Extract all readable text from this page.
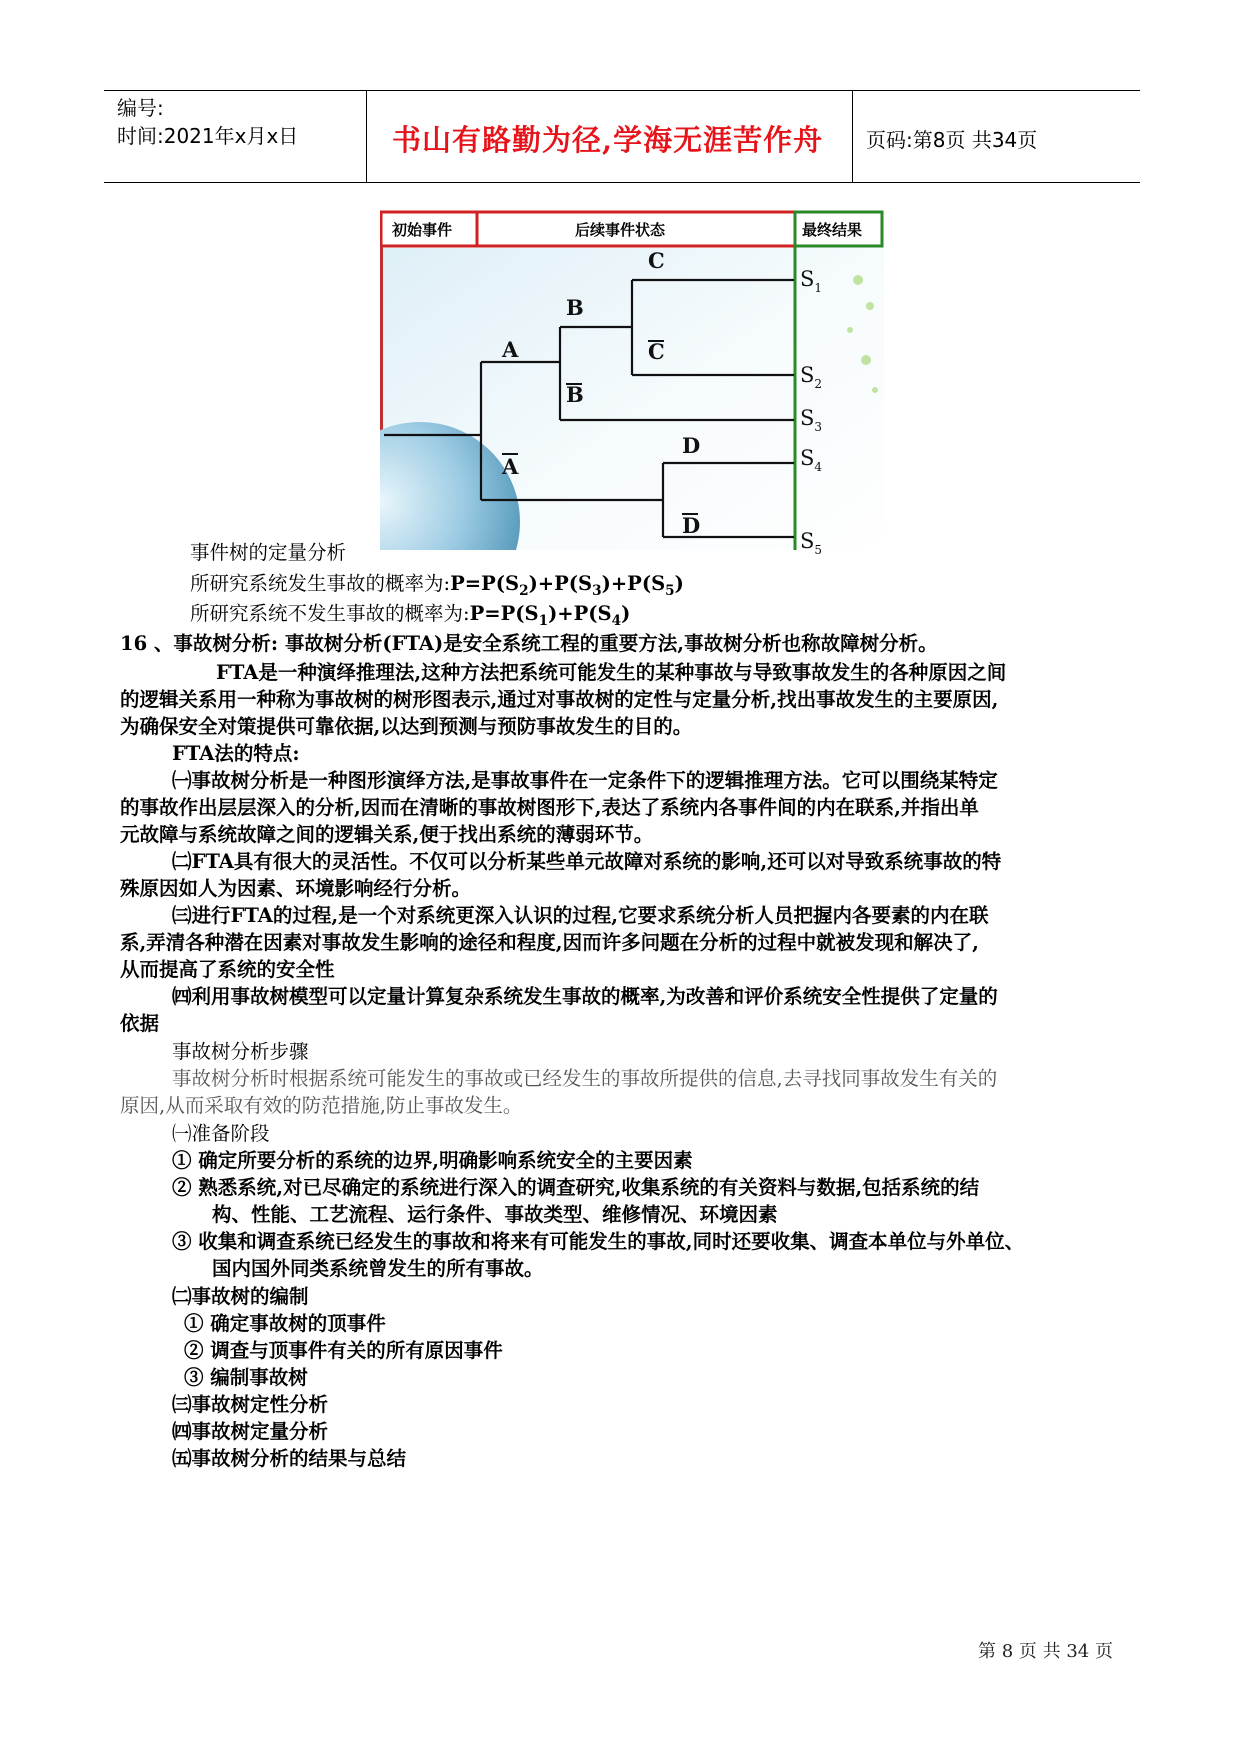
编号:
时间:2021年x月x日	书山有路勤为径,学海无涯苦作舟 页码:第8页 共34页
初始事件	后续事件状态	最终结果
A
A
B
B
C
C
D
D
$S_1$
$S_2$
$S_3$
$S_4$
$S_5$
事件树的定量分析
所研究系统发生事故的概率为$:P=P(S_2)+P(S_3)+P(S_5)$
所研究系统不发生事故的概率为$:P=P(S_1)+P(S_4)$
16 、事故树分析: 事故树分析(FTA)是安全系统工程的重要方法,事故树分析也称故障树分析。
FTA是一种演绎推理法,这种方法把系统可能发生的某种事故与导致事故发生的各种原因之间
的逻辑关系用一种称为事故树的树形图表示,通过对事故树的定性与定量分析,找出事故发生的主要原因,
为确保安全对策提供可靠依据,以达到预测与预防事故发生的目的。
FTA法的特点:
㈠事故树分析是一种图形演绎方法,是事故事件在一定条件下的逻辑推理方法。它可以围绕某特定
的事故作出层层深入的分析,因而在清晰的事故树图形下,表达了系统内各事件间的内在联系,并指出单
元故障与系统故障之间的逻辑关系,便于找出系统的薄弱环节。
㈡FTA具有很大的灵活性。不仅可以分析某些单元故障对系统的影响,还可以对导致系统事故的特
殊原因如人为因素、环境影响经行分析。
㈢进行FTA的过程,是一个对系统更深入认识的过程,它要求系统分析人员把握内各要素的内在联
系,弄清各种潜在因素对事故发生影响的途径和程度,因而许多问题在分析的过程中就被发现和解决了,
从而提高了系统的安全性
㈣利用事故树模型可以定量计算复杂系统发生事故的概率,为改善和评价系统安全性提供了定量的
依据
事故树分析步骤
事故树分析时根据系统可能发生的事故或已经发生的事故所提供的信息,去寻找同事故发生有关的
原因,从而采取有效的防范措施,防止事故发生。
㈠准备阶段
① 确定所要分析的系统的边界,明确影响系统安全的主要因素
② 熟悉系统,对已尽确定的系统进行深入的调查研究,收集系统的有关资料与数据,包括系统的结
构、性能、工艺流程、运行条件、事故类型、维修情况、环境因素
③ 收集和调查系统已经发生的事故和将来有可能发生的事故,同时还要收集、调查本单位与外单位、
国内国外同类系统曾发生的所有事故。
㈡事故树的编制
① 确定事故树的顶事件
② 调查与顶事件有关的所有原因事件
③ 编制事故树
㈢事故树定性分析
㈣事故树定量分析
㈤事故树分析的结果与总结
第 8 页 共 34 页
